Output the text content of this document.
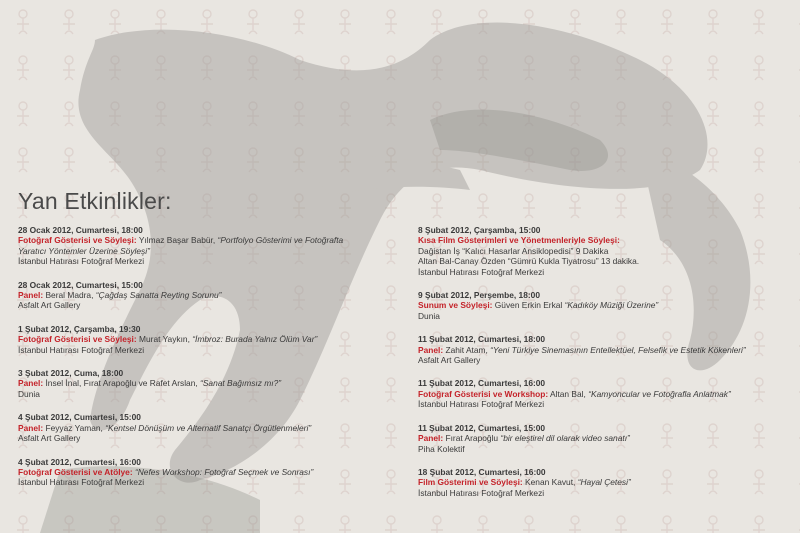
Yan Etkinlikler:
28 Ocak 2012, Cumartesi, 18:00
Fotoğraf Gösterisi ve Söyleşi: Yılmaz Başar Babür, “Portfolyo Gösterimi ve Fotoğrafta
Yaratıcı Yöntemler Üzerine Söyleşi”
İstanbul Hatırası Fotoğraf Merkezi
28 Ocak 2012, Cumartesi, 15:00
Panel: Beral Madra, “Çağdaş Sanatta Reyting Sorunu”
Asfalt Art Gallery
1 Şubat 2012, Çarşamba, 19:30
Fotoğraf Gösterisi ve Söyleşi: Murat Yaykın, “İmbroz: Burada Yalnız Ölüm Var”
İstanbul Hatırası Fotoğraf Merkezi
3 Şubat 2012, Cuma, 18:00
Panel: İnsel İnal, Fırat Arapoğlu ve Rafet Arslan, “Sanat Bağımsız mı?”
Dunia
4 Şubat 2012, Cumartesi, 15:00
Panel: Feyyaz Yaman, “Kentsel Dönüşüm ve Alternatif Sanatçı Örgütlenmeleri”
Asfalt Art Gallery
4 Şubat 2012, Cumartesi, 16:00
Fotoğraf Gösterisi ve Atölye: “Nefes Workshop: Fotoğraf Seçmek ve Sonrası”
İstanbul Hatırası Fotoğraf Merkezi
8 Şubat 2012, Çarşamba, 15:00
Kısa Film Gösterimleri ve Yönetmenleriyle Söyleşi:
Dağistan İş “Kalıcı Hasarlar Ansiklopedisi” 9 Dakika
Altan Bal-Canay Özden “Gümrü Kukla Tiyatrosu” 13 dakika.
İstanbul Hatırası Fotoğraf Merkezi
9 Şubat 2012, Perşembe, 18:00
Sunum ve Söyleşi: Güven Erkin Erkal “Kadıköy Müziği Üzerine”
Dunia
11 Şubat 2012, Cumartesi, 18:00
Panel: Zahit Atam, “Yeni Türkiye Sinemasının Entellektüel, Felsefik ve Estetik Kökenleri”
Asfalt Art Gallery
11 Şubat 2012, Cumartesi, 16:00
Fotoğraf Gösterisi ve Workshop: Altan Bal, “Kamyoncular ve Fotoğrafla Anlatmak”
İstanbul Hatırası Fotoğraf Merkezi
11 Şubat 2012, Cumartesi, 15:00
Panel: Fırat Arapoğlu “bir eleştirel dil olarak video sanatı”
Piha Kolektif
18 Şubat 2012, Cumartesi, 16:00
Film Gösterimi ve Söyleşi: Kenan Kavut, “Hayal Çetesi”
İstanbul Hatırası Fotoğraf Merkezi
